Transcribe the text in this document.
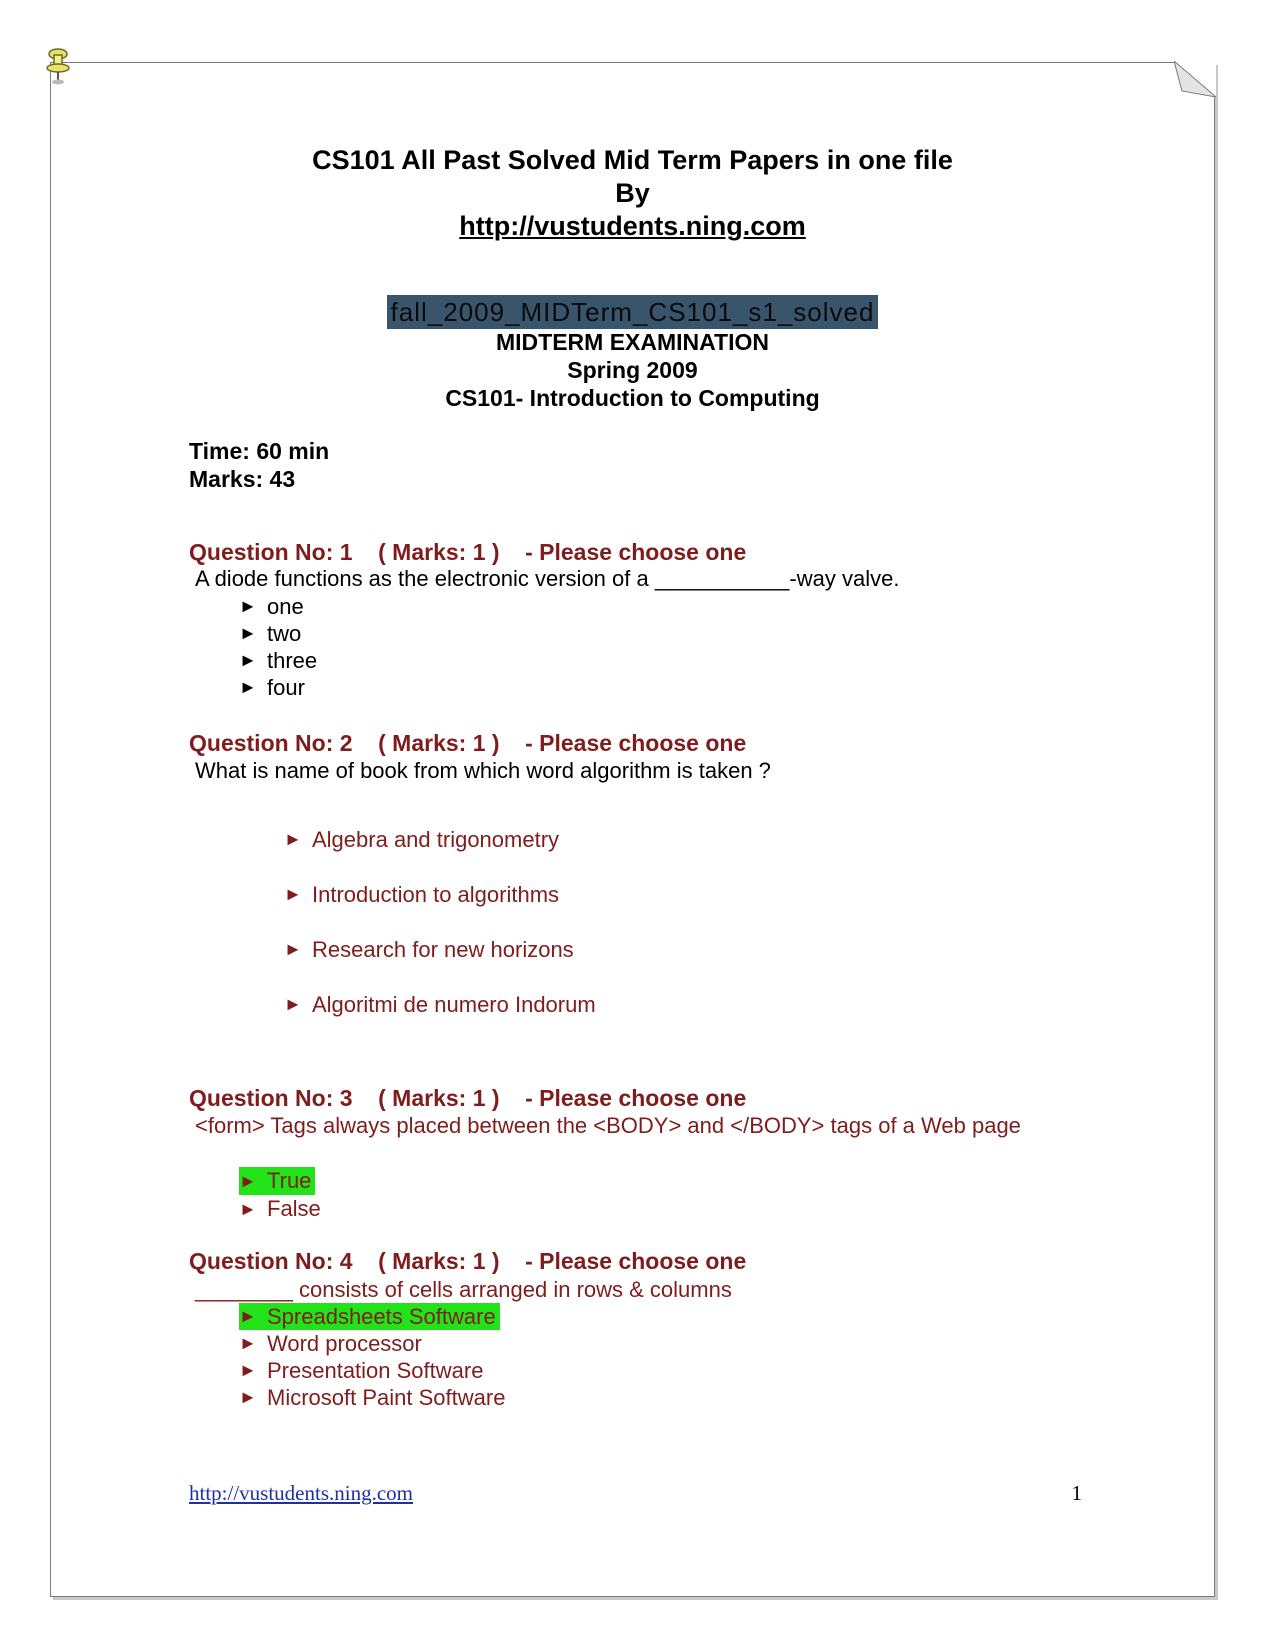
CS101 All Past Solved Mid Term Papers in one file
By
http://vustudents.ning.com
fall_2009_MIDTerm_CS101_s1_solved
MIDTERM EXAMINATION
Spring 2009
CS101- Introduction to Computing
Time: 60 min
Marks: 43
Question No: 1    ( Marks: 1 )    - Please choose one
A diode functions as the electronic version of a ___________-way valve.
► one
► two
► three
► four
Question No: 2    ( Marks: 1 )    - Please choose one
What is name of book from which word algorithm is taken ?
► Algebra and trigonometry
► Introduction to algorithms
► Research for new horizons
► Algoritmi de numero Indorum
Question No: 3    ( Marks: 1 )    - Please choose one
<form> Tags always placed between the <BODY> and </BODY> tags of a Web page
► True

► False
Question No: 4    ( Marks: 1 )    - Please choose one
________ consists of cells arranged in rows & columns
► Spreadsheets Software

► Word processor
► Presentation Software
► Microsoft Paint Software
http://vustudents.ning.com	1
